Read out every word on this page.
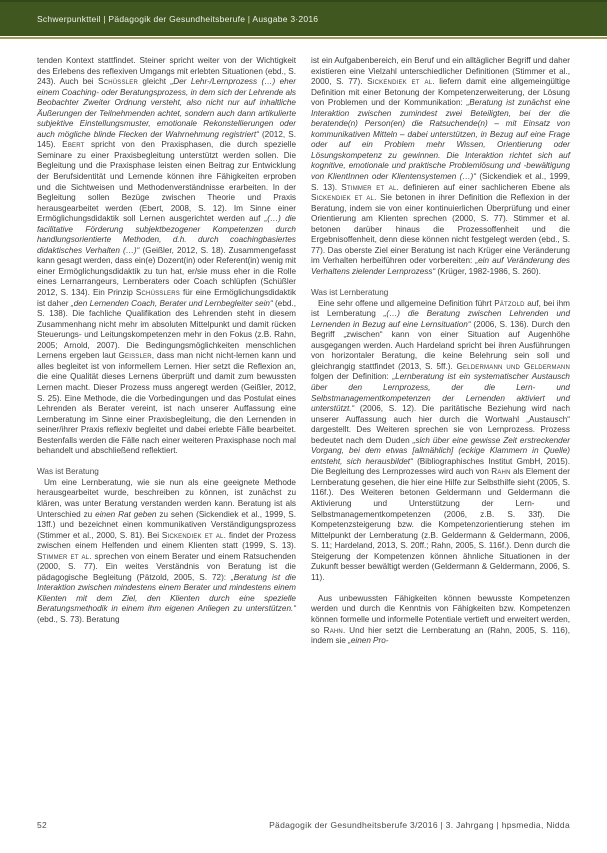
Schwerpunktteil | Pädagogik der Gesundheitsberufe | Ausgabe 3·2016
tenden Kontext stattfindet. Steiner spricht weiter von der Wichtigkeit des Erlebens des reflexiven Umgangs mit erlebten Situationen (ebd., S. 243). Auch bei Schüssler gleicht „Der Lehr-/Lernprozess (…) eher einem Coaching- oder Beratungsprozess, in dem sich der Lehrende als Beobachter Zweiter Ordnung versteht, also nicht nur auf inhaltliche Äußerungen der Teilnehmenden achtet, sondern auch dann artikulierte subjektive Einstellungsmuster, emotionale Rekonstellierungen oder auch mögliche blinde Flecken der Wahrnehmung registriert“ (2012, S. 145). Ebert spricht von den Praxisphasen, die durch spezielle Seminare zu einer Praxisbegleitung unterstützt werden sollen. Die Begleitung und die Praxisphase leisten einen Beitrag zur Entwicklung der Berufsidentität und Lernende können ihre Fähigkeiten erproben und die Sichtweisen und Methodenverständnisse erarbeiten. In der Begleitung sollen Bezüge zwischen Theorie und Praxis herausgearbeitet werden (Ebert, 2008, S. 12). Im Sinne einer Ermöglichungsdidaktik soll Lernen ausgerichtet werden auf „(…) die facilitative Förderung subjektbezogener Kompetenzen durch handlungsorientierte Methoden, d.h. durch coachingbasiertes didaktisches Verhalten (…)“ (Geißler, 2012, S. 18). Zusammengefasst kann gesagt werden, dass ein(e) Dozent(in) oder Referent(in) wenig mit einer Ermöglichungsdidaktik zu tun hat, er/sie muss eher in die Rolle eines Lernarrangeurs, Lernberaters oder Coach schlüpfen (Schüßler 2012, S. 134). Ein Prinzip Schüsslers für eine Ermöglichungsdidaktik ist daher „den Lernenden Coach, Berater und Lernbegleiter sein“ (ebd., S. 138). Die fachliche Qualifikation des Lehrenden steht in diesem Zusammenhang nicht mehr im absoluten Mittelpunkt und damit rücken Steuerungs- und Leitungskompetenzen mehr in den Fokus (z.B. Rahn, 2005; Arnold, 2007). Die Bedingungsmöglichkeiten menschlichen Lernens ergeben laut Geissler, dass man nicht nicht-lernen kann und alles begleitet ist von informellem Lernen. Hier setzt die Reflexion an, die eine Qualität dieses Lernens überprüft und damit zum bewussten Lernen macht. Dieser Prozess muss angeregt werden (Geißler, 2012, S. 25). Eine Methode, die die Vorbedingungen und das Postulat eines Lehrenden als Berater vereint, ist nach unserer Auffassung eine Lernberatung im Sinne einer Praxisbegleitung, die den Lernenden in seiner/ihrer Praxis reflexiv begleitet und dabei erlebte Fälle bearbeitet. Bestenfalls werden die Fälle nach einer weiteren Praxisphase noch mal behandelt und abschließend reflektiert.
Was ist Beratung
Um eine Lernberatung, wie sie nun als eine geeignete Methode herausgearbeitet wurde, beschreiben zu können, ist zunächst zu klären, was unter Beratung verstanden werden kann. Beratung ist als Unterschied zu einen Rat geben zu sehen (Sickendiek et al., 1999, S. 13ff.) und bezeichnet einen kommunikativen Verständigungsprozess (Stimmer et al., 2000, S. 81). Bei Sickendiek et al. findet der Prozess zwischen einem Helfenden und einem Klienten statt (1999, S. 13). Stimmer et al. sprechen von einem Berater und einem Ratsuchenden (2000, S. 77). Ein weites Verständnis von Beratung ist die pädagogische Begleitung (Pätzold, 2005, S. 72): „Beratung ist die Interaktion zwischen mindestens einem Berater und mindestens einem Klienten mit dem Ziel, den Klienten durch eine spezielle Beratungsmethodik in einem ihm eigenen Anliegen zu unterstützen.“ (ebd., S. 73). Beratung
ist ein Aufgabenbereich, ein Beruf und ein alltäglicher Begriff und daher existieren eine Vielzahl unterschiedlicher Definitionen (Stimmer et al., 2000, S. 77). Sickendiek et al. liefern damit eine allgemeingültige Definition mit einer Betonung der Kompetenzerweiterung, der Lösung von Problemen und der Kommunikation: „Beratung ist zunächst eine Interaktion zwischen zumindest zwei Beteiligten, bei der die beratende(n) Person(en) die Ratsuchende(n) – mit Einsatz von kommunikativen Mitteln – dabei unterstützen, in Bezug auf eine Frage oder auf ein Problem mehr Wissen, Orientierung oder Lösungskompetenz zu gewinnen. Die Interaktion richtet sich auf kognitive, emotionale und praktische Problemlösung und -bewältigung von KlientInnen oder Klientensystemen (…)“ (Sickendiek et al., 1999, S. 13). Stimmer et al. definieren auf einer sachlicheren Ebene als Sickendiek et al. Sie betonen in ihrer Definition die Reflexion in der Beratung, indem sie von einer kontinuierlichen Überprüfung und einer Orientierung am Klienten sprechen (2000, S. 77). Stimmer et al. betonen darüber hinaus die Prozessoffenheit und die Ergebnisoffenheit, denn diese können nicht festgelegt werden (ebd., S. 77). Das oberste Ziel einer Beratung ist nach Krüger eine Veränderung im Verhalten herbeiführen oder vorbereiten: „ein auf Veränderung des Verhaltens zielender Lernprozess“ (Krüger, 1982-1986, S. 260).
Was ist Lernberatung
Eine sehr offene und allgemeine Definition führt Pätzold auf, bei ihm ist Lernberatung „(…) die Beratung zwischen Lehrenden und Lernenden in Bezug auf eine Lernsituation“ (2006, S. 136). Durch den Begriff „zwischen“ kann von einer Situation auf Augenhöhe ausgegangen werden. Auch Hardeland spricht bei ihren Ausführungen von horizontaler Beratung, die keine Belehrung sein soll und gleichrangig stattfindet (2013, S. 5ff.). Geldermann und Geldermann folgen der Definition: „Lernberatung ist ein systematischer Austausch über den Lernprozess, der die Lern- und Selbstmanagementkompetenzen der Lernenden aktiviert und unterstützt.“ (2006, S. 12). Die paritätische Beziehung wird nach unserer Auffassung auch hier durch die Wortwahl „Austausch“ dargestellt. Des Weiteren sprechen sie von Lernprozess. Prozess bedeutet nach dem Duden „sich über eine gewisse Zeit erstreckender Vorgang, bei dem etwas [allmählich] (eckige Klammern in Quelle) entsteht, sich herausbildet“ (Bibliographisches Institut GmbH, 2015). Die Begleitung des Lernprozesses wird auch von Rahn als Element der Lernberatung gesehen, die hier eine Hilfe zur Selbsthilfe sieht (2005, S. 116f.). Des Weiteren betonen Geldermann und Geldermann die Aktivierung und Unterstützung der Lern- und Selbstmanagementkompetenzen (2006, z.B. S. 33f). Die Kompetenzsteigerung bzw. die Kompetenzorientierung stehen im Mittelpunkt der Lernberatung (z.B. Geldermann & Geldermann, 2006, S. 11; Hardeland, 2013, S. 20ff.; Rahn, 2005, S. 116f.). Denn durch die Steigerung der Kompetenzen können ähnliche Situationen in der Zukunft besser bewältigt werden (Geldermann & Geldermann, 2006, S. 11).
Aus unbewussten Fähigkeiten können bewusste Kompetenzen werden und durch die Kenntnis von Fähigkeiten bzw. Kompetenzen können formelle und informelle Potentiale vertieft und erweitert werden, so Rahn. Und hier setzt die Lernberatung an (Rahn, 2005, S. 116), indem sie „einen Pro-
52	Pädagogik der Gesundheitsberufe 3/2016 | 3. Jahrgang | hpsmedia, Nidda
